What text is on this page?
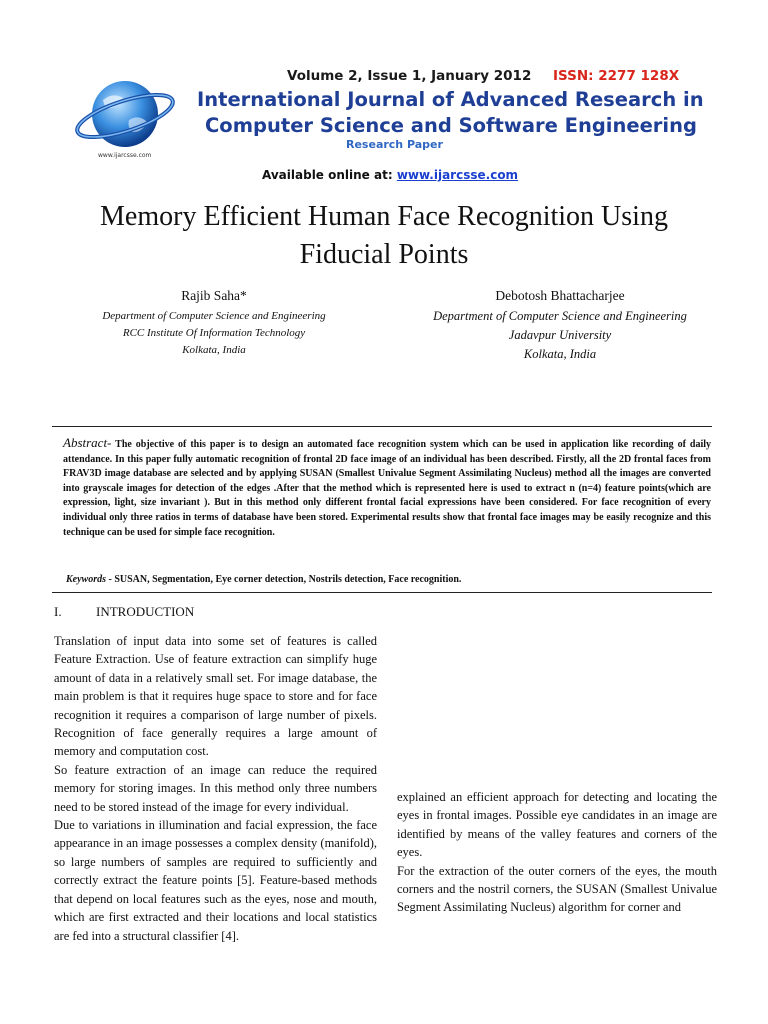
www.ijarcsse.com
Volume 2, Issue 1, January 2012 ISSN: 2277 128X
International Journal of Advanced Research in
Computer Science and Software Engineering
Research Paper
Available online at: www.ijarcsse.com
Memory Efficient Human Face Recognition Using
Fiducial Points
Rajib Saha*
Department of Computer Science and Engineering
RCC Institute Of Information Technology
Kolkata, India
Debotosh Bhattacharjee
Department of Computer Science and Engineering
Jadavpur University
Kolkata, India
Abstract- The objective of this paper is to design an automated face recognition system which can be used in application like recording of daily attendance. In this paper fully automatic recognition of frontal 2D face image of an individual has been described. Firstly, all the 2D frontal faces from FRAV3D image database are selected and by applying SUSAN (Smallest Univalue Segment Assimilating Nucleus) method all the images are converted into grayscale images for detection of the edges .After that the method which is represented here is used to extract n (n=4) feature points(which are expression, light, size invariant ). But in this method only different frontal facial expressions have been considered. For face recognition of every individual only three ratios in terms of database have been stored. Experimental results show that frontal face images may be easily recognize and this technique can be used for simple face recognition.
Keywords - SUSAN, Segmentation, Eye corner detection, Nostrils detection, Face recognition.
I.	INTRODUCTION

Translation of input data into some set of features is called Feature Extraction. Use of feature extraction can simplify huge amount of data in a relatively small set. For image database, the main problem is that it requires huge space to store and for face recognition it requires a comparison of large number of pixels. Recognition of face generally requires a large amount of memory and computation cost.

So feature extraction of an image can reduce the required memory for storing images. In this method only three numbers need to be stored instead of the image for every individual.

Due to variations in illumination and facial expression, the face appearance in an image possesses a complex density (manifold), so large numbers of samples are required to sufficiently and correctly extract the feature points [5]. Feature-based methods that depend on local features such as the eyes, nose and mouth, which are first extracted and their locations and local statistics are fed into a structural classifier [4].

explained an efficient approach for detecting and locating the eyes in frontal images. Possible eye candidates in an image are identified by means of the valley features and corners of the eyes.

For the extraction of the outer corners of the eyes, the mouth corners and the nostril corners, the SUSAN (Smallest Univalue Segment Assimilating Nucleus) algorithm for corner and
